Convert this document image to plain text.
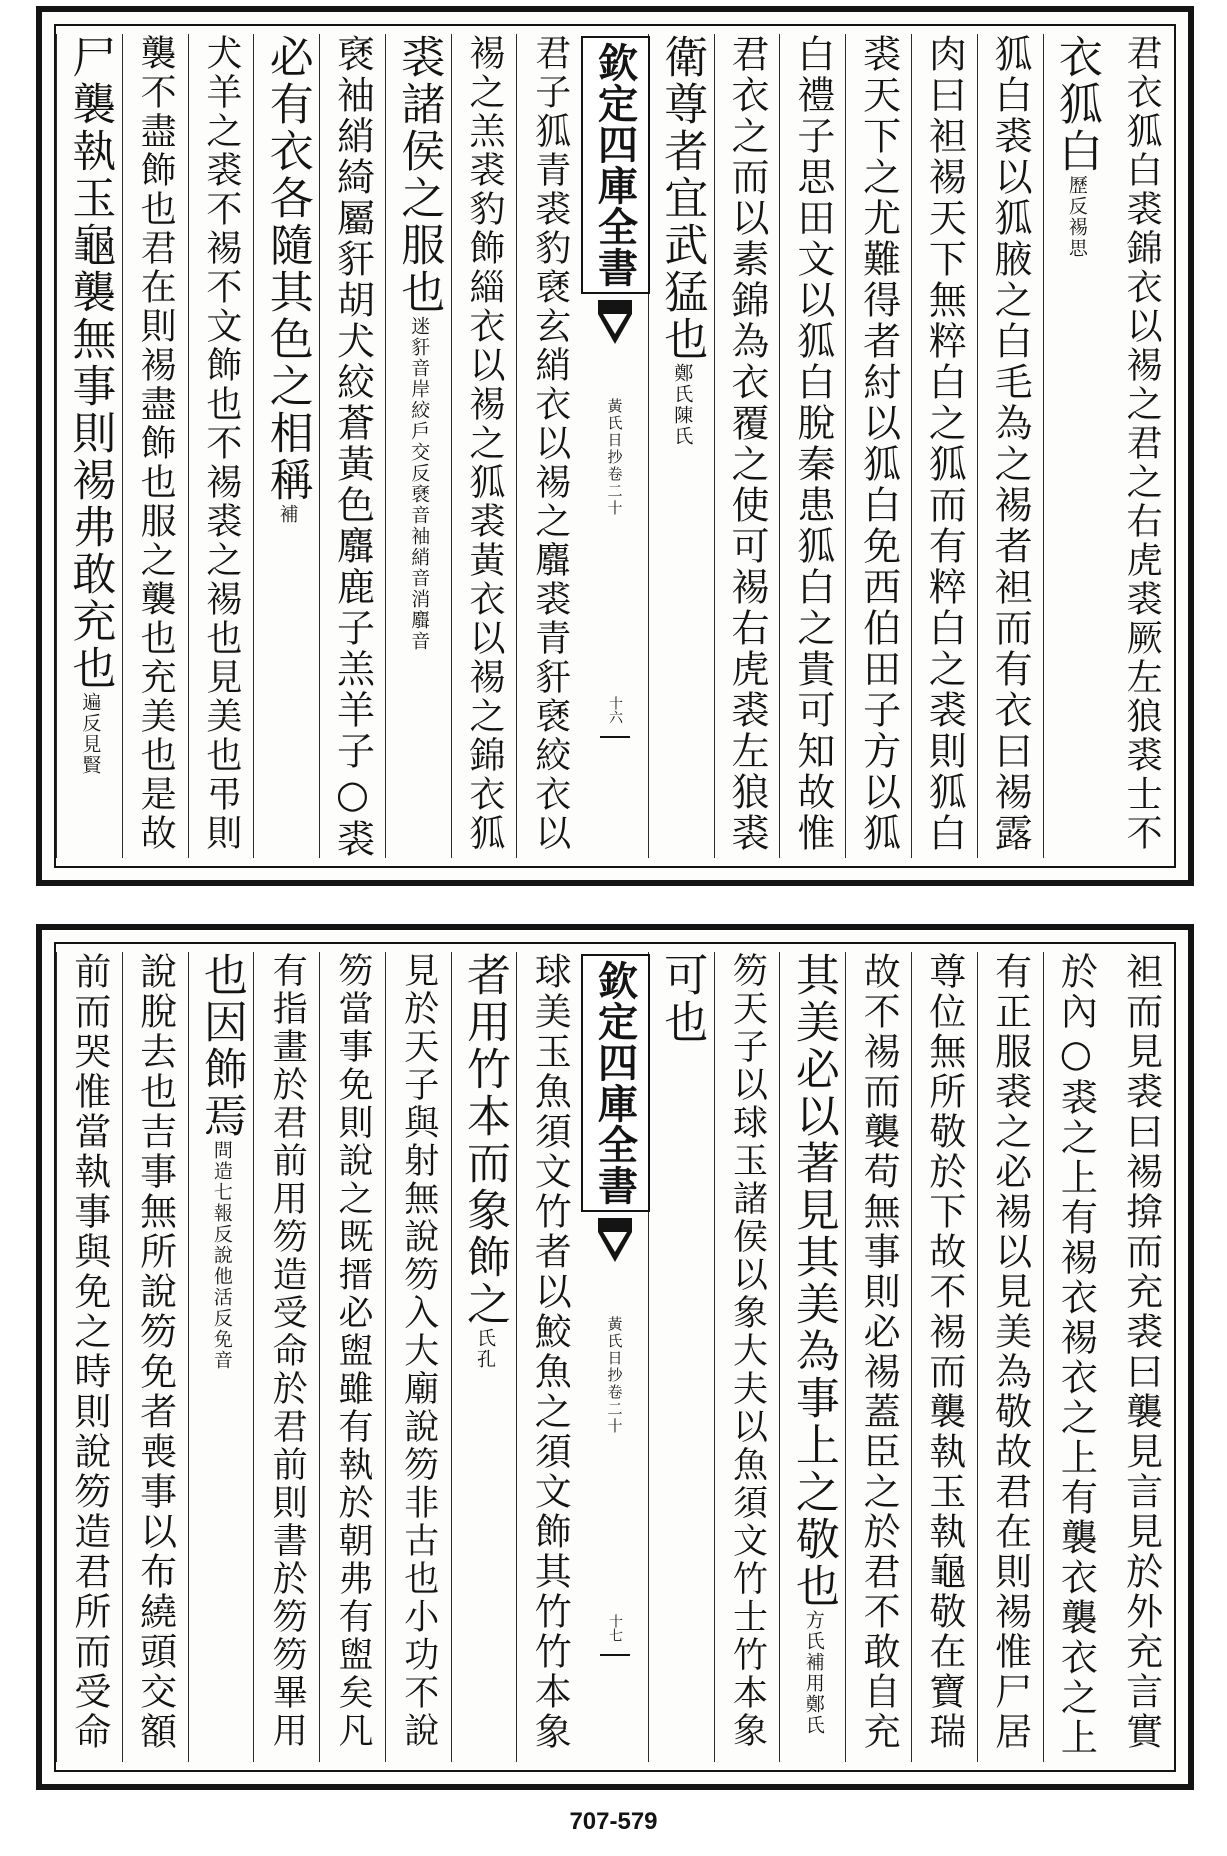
君衣狐白裘錦衣以裼之君之右虎裘厥左狼裘士不
衣狐白
裼思
歷反
狐白裘以狐腋之白毛為之裼者袒而有衣曰裼露
肉曰袒裼天下無粹白之狐而有粹白之裘則狐白
裘天下之尤難得者紂以狐白免西伯田子方以狐
白禮子思田文以狐白脫秦患狐白之貴可知故惟
君衣之而以素錦為衣覆之使可裼右虎裘左狼裘
衛尊者宜武猛也
陳氏
鄭氏
欽定四庫全書
黃氏日抄卷二十
十六
君子狐青裘豹褎玄綃衣以裼之麛裘青豻褎絞衣以
裼之羔裘豹飾緇衣以裼之狐裘黃衣以裼之錦衣狐
裘諸侯之服也
褎音袖綃音消麛音
迷豻音岸絞戶交反
褎袖綃綺屬豻胡犬絞蒼黃色麛鹿子羔羊子○裘
必有衣各隨其色之相稱
補
犬羊之裘不裼不文飾也不裼裘之裼也見美也弔則
襲不盡飾也君在則裼盡飾也服之襲也充美也是故
尸襲執玉龜襲無事則裼弗敢充也
見賢
遍反
袒而見裘曰裼揜而充裘曰襲見言見於外充言實
於內○裘之上有裼衣裼衣之上有襲衣襲衣之上
有正服裘之必裼以見美為敬故君在則裼惟尸居
尊位無所敬於下故不裼而襲執玉執龜敬在寶瑞
故不裼而襲苟無事則必裼蓋臣之於君不敢自充
其美必以著見其美為事上之敬也
用鄭氏
方氏補
笏天子以球玉諸侯以象大夫以魚須文竹士竹本象
可也
欽定四庫全書
黃氏日抄卷二十
十七
球美玉魚須文竹者以鮫魚之須文飾其竹竹本象
者用竹本而象飾之
孔
氏
見於天子與射無說笏入大廟說笏非古也小功不說
笏當事免則說之既搢必盥雖有執於朝弗有盥矣凡
有指畫於君前用笏造受命於君前則書於笏笏畢用
也因飾焉
說他活反免音
問造七報反
說脫去也吉事無所說笏免者喪事以布繞頭交額
前而哭惟當執事與免之時則說笏造君所而受命
707-579
